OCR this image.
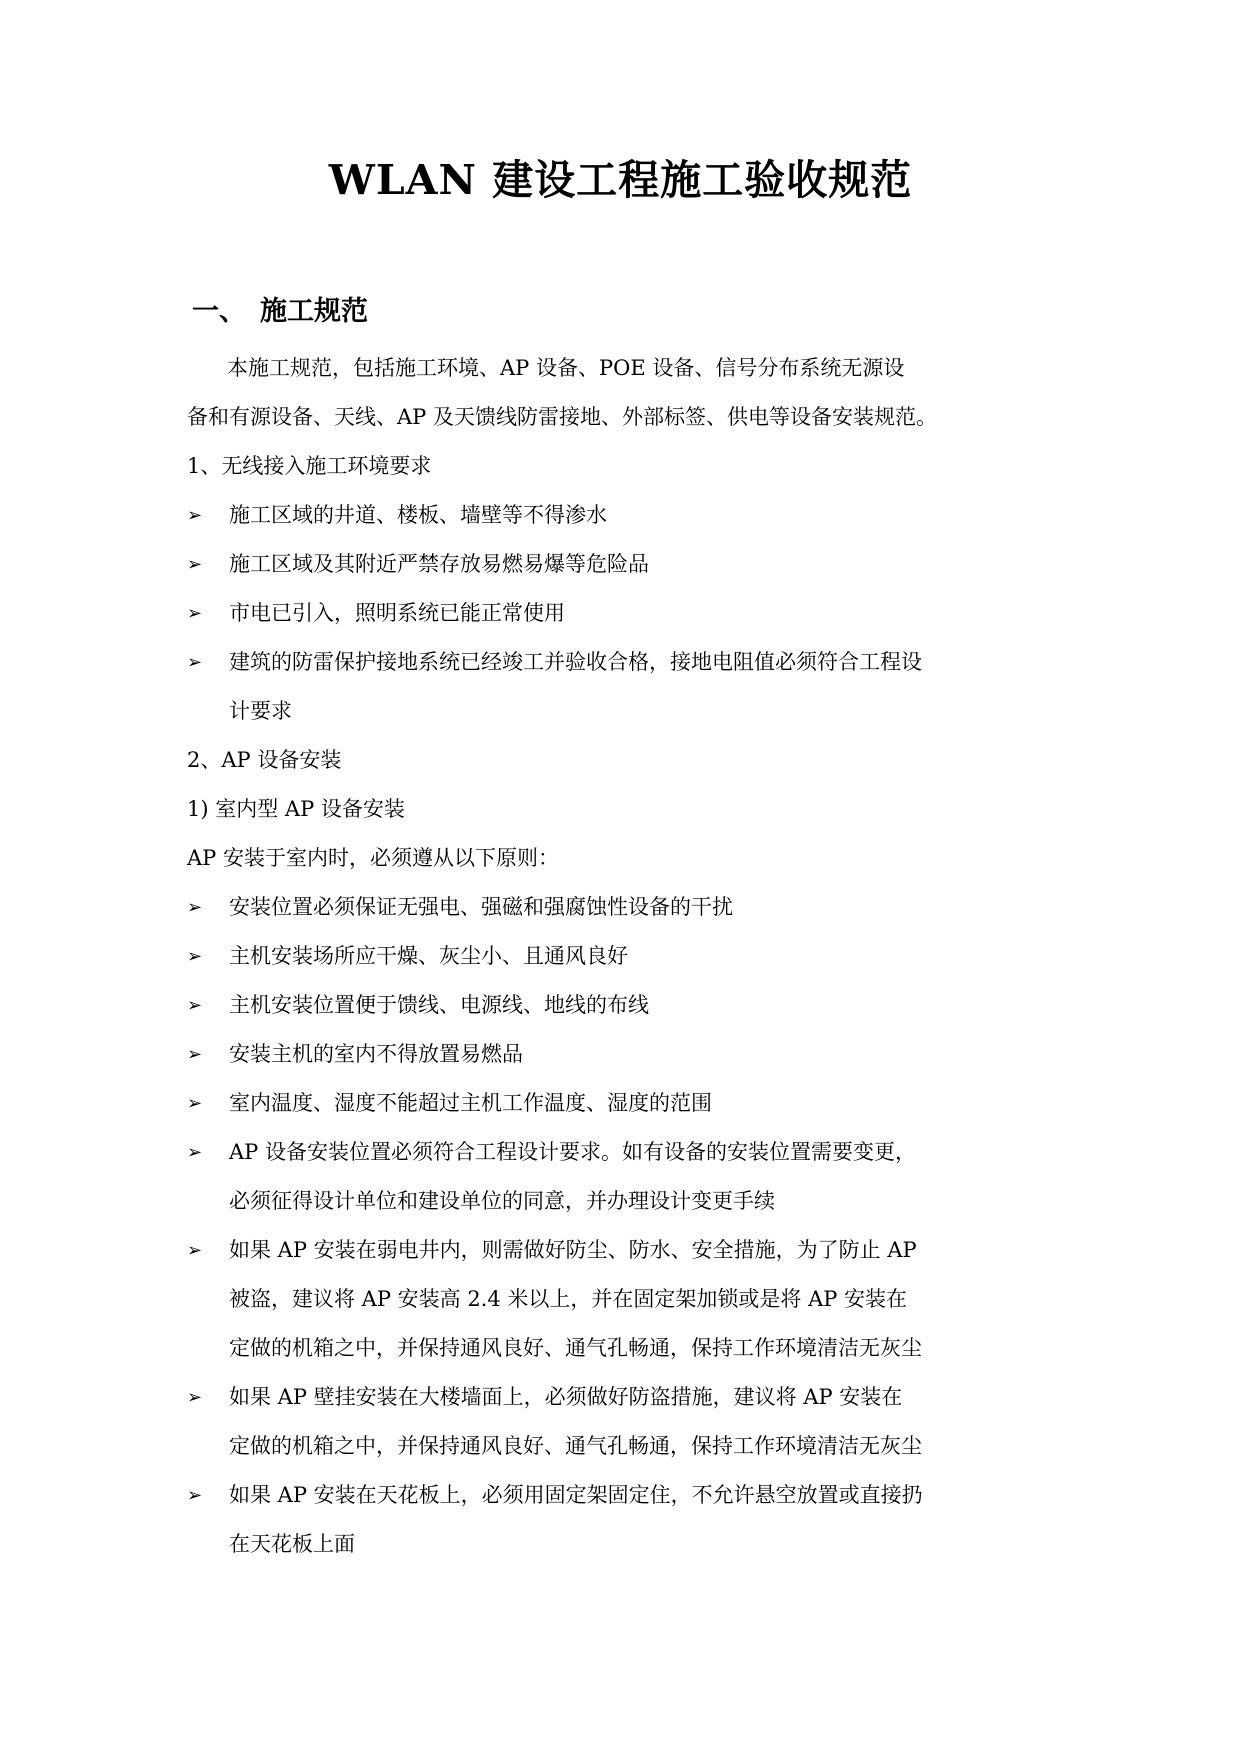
WLAN 建设工程施工验收规范
一、 施工规范

本施工规范，包括施工环境、AP 设备、POE 设备、信号分布系统无源设

备和有源设备、天线、AP 及天馈线防雷接地、外部标签、供电等设备安装规范。

1、无线接入施工环境要求

➢	施工区域的井道、楼板、墙壁等不得渗水
➢	施工区域及其附近严禁存放易燃易爆等危险品
➢	市电已引入，照明系统已能正常使用
➢	建筑的防雷保护接地系统已经竣工并验收合格，接地电阻值必须符合工程设
计要求

2、AP 设备安装

1) 室内型 AP 设备安装

AP 安装于室内时，必须遵从以下原则：

➢	安装位置必须保证无强电、强磁和强腐蚀性设备的干扰
➢	主机安装场所应干燥、灰尘小、且通风良好
➢	主机安装位置便于馈线、电源线、地线的布线
➢	安装主机的室内不得放置易燃品
➢	室内温度、湿度不能超过主机工作温度、湿度的范围
➢	AP 设备安装位置必须符合工程设计要求。如有设备的安装位置需要变更，
必须征得设计单位和建设单位的同意，并办理设计变更手续
➢	如果 AP 安装在弱电井内，则需做好防尘、防水、安全措施，为了防止 AP
被盗，建议将 AP 安装高 2.4 米以上，并在固定架加锁或是将 AP 安装在
定做的机箱之中，并保持通风良好、通气孔畅通，保持工作环境清洁无灰尘
➢	如果 AP 壁挂安装在大楼墙面上，必须做好防盗措施，建议将 AP 安装在
定做的机箱之中，并保持通风良好、通气孔畅通，保持工作环境清洁无灰尘
➢	如果 AP 安装在天花板上，必须用固定架固定住，不允许悬空放置或直接扔
在天花板上面
